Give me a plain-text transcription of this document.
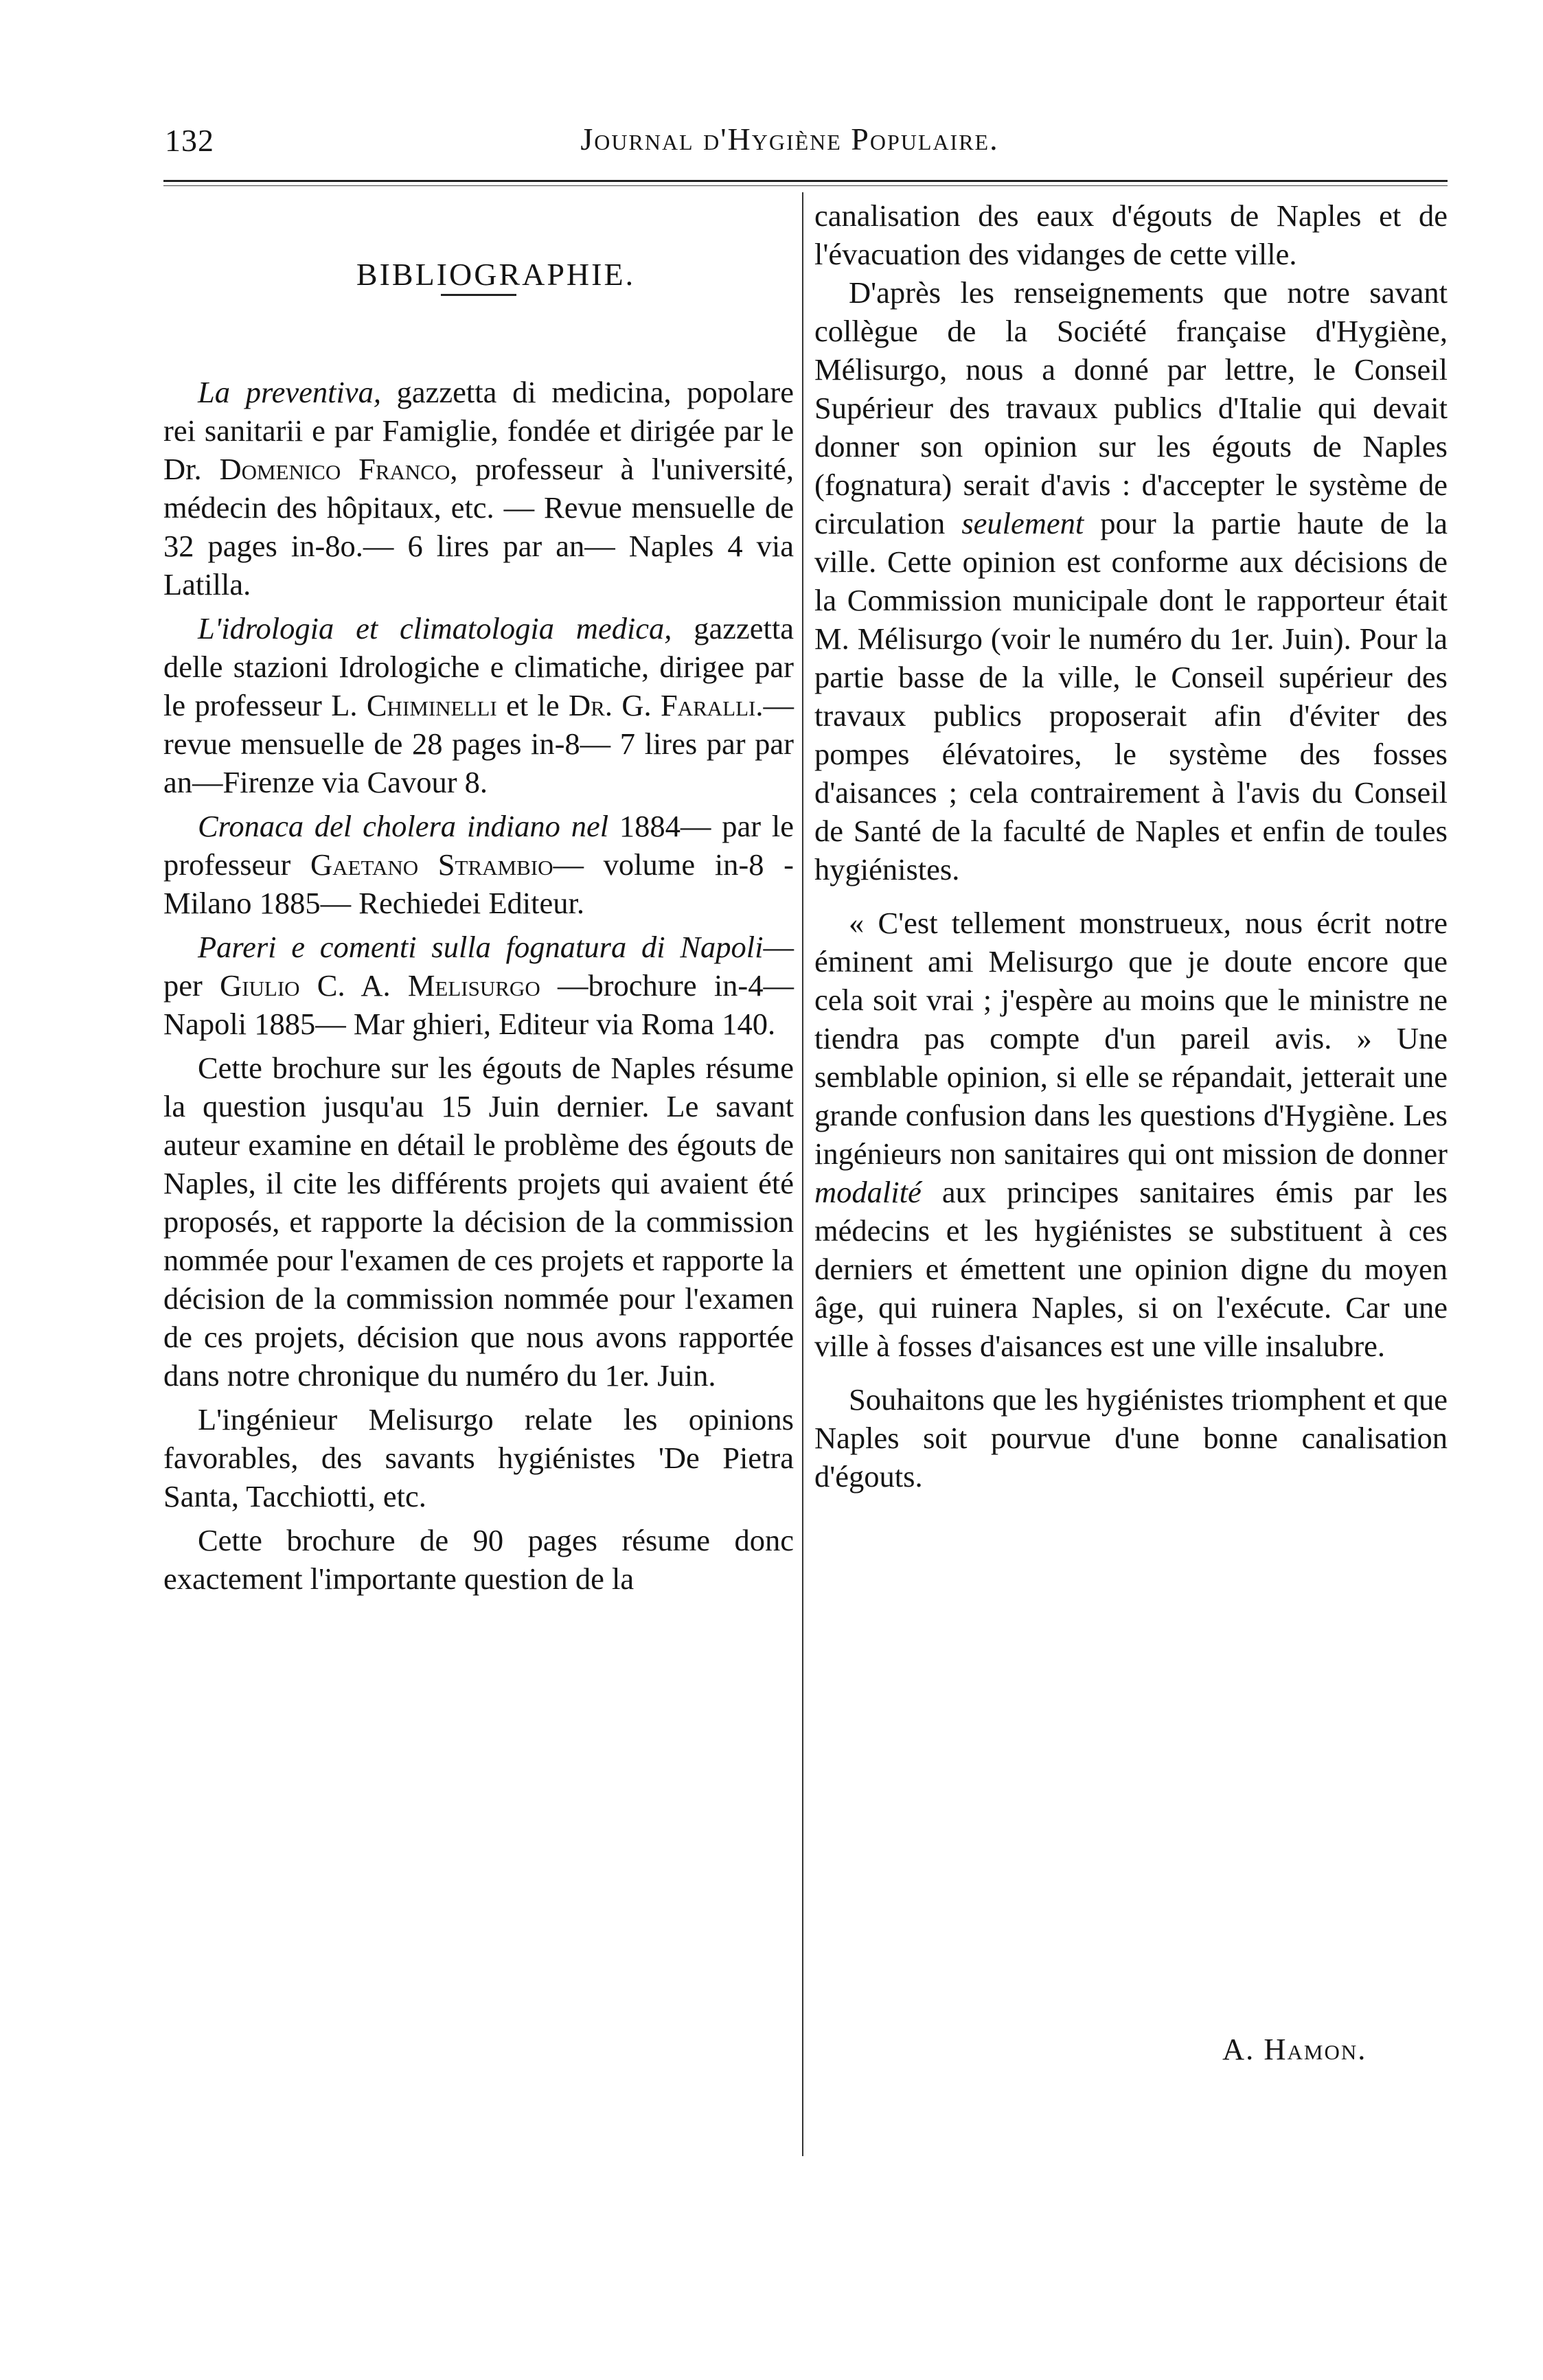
132	Journal d'Hygiène Populaire.

BIBLIOGRAPHIE.

La preventiva, gazzetta di medicina, popolare rei sanitarii e par Famiglie, fondée et dirigée par le Dr. Domenico Franco, professeur à l'université, médecin des hôpitaux, etc. — Revue mensuelle de 32 pages in-8o.— 6 lires par an— Naples 4 via Latilla.

L'idrologia et climatologia medica, gazzetta delle stazioni Idrologiche e climatiche, dirigee par le professeur L. Chiminelli et le Dr. G. Faralli.— revue mensuelle de 28 pages in-8— 7 lires par par an—Firenze via Cavour 8.

Cronaca del cholera indiano nel 1884— par le professeur Gaetano Strambio— volume in-8 - Milano 1885— Rechiedei Editeur.

Pareri e comenti sulla fognatura di Napoli— per Giulio C. A. Melisurgo —brochure in-4— Napoli 1885— Mar ghieri, Editeur via Roma 140.

Cette brochure sur les égouts de Naples résume la question jusqu'au 15 Juin dernier. Le savant auteur examine en détail le problème des égouts de Naples, il cite les différents projets qui avaient été proposés, et rapporte la décision de la commission nommée pour l'examen de ces projets et rapporte la décision de la commission nommée pour l'examen de ces projets, décision que nous avons rapportée dans notre chronique du numéro du 1er. Juin.

L'ingénieur Melisurgo relate les opinions favorables, des savants hygiénistes 'De Pietra Santa, Tacchiotti, etc.

Cette brochure de 90 pages résume donc exactement l'importante question de la

canalisation des eaux d'égouts de Naples et de l'évacuation des vidanges de cette ville.

D'après les renseignements que notre savant collègue de la Société française d'Hygiène, Mélisurgo, nous a donné par lettre, le Conseil Supérieur des travaux publics d'Italie qui devait donner son opinion sur les égouts de Naples (fognatura) serait d'avis : d'accepter le système de circulation seulement pour la partie haute de la ville. Cette opinion est conforme aux décisions de la Commission municipale dont le rapporteur était M. Mélisurgo (voir le numéro du 1er. Juin). Pour la partie basse de la ville, le Conseil supérieur des travaux publics proposerait afin d'éviter des pompes élévatoires, le système des fosses d'aisances ; cela contrairement à l'avis du Conseil de Santé de la faculté de Naples et enfin de toules hygiénistes.

« C'est tellement monstrueux, nous écrit notre éminent ami Melisurgo que je doute encore que cela soit vrai ; j'espère au moins que le ministre ne tiendra pas compte d'un pareil avis. » Une semblable opinion, si elle se répandait, jetterait une grande confusion dans les questions d'Hygiène. Les ingénieurs non sanitaires qui ont mission de donner modalité aux principes sanitaires émis par les médecins et les hygiénistes se substituent à ces derniers et émettent une opinion digne du moyen âge, qui ruinera Naples, si on l'exécute. Car une ville à fosses d'aisances est une ville insalubre.

Souhaitons que les hygiénistes triomphent et que Naples soit pourvue d'une bonne canalisation d'égouts.

A. Hamon.
